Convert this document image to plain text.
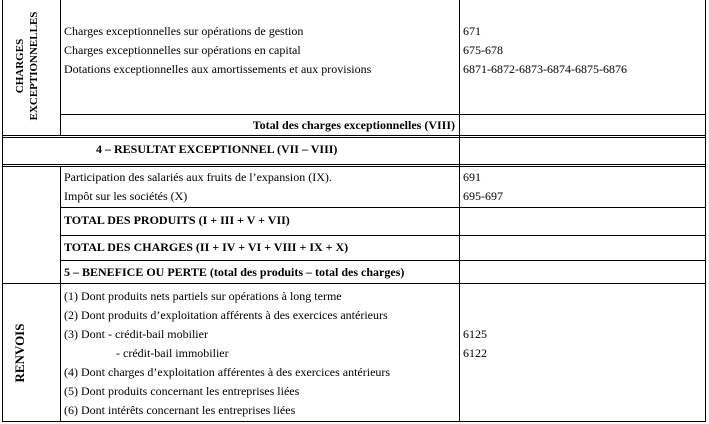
CHARGES EXCEPTIONNELLES Charges exceptionnelles sur opérations de gestion	671
Charges exceptionnelles sur opérations en capital	675-678
Dotations exceptionnelles aux amortissements et aux provisions	6871-6872-6873-6874-6875-6876
Total des charges exceptionnelles (VIII)
4 – RESULTAT EXCEPTIONNEL (VII – VIII)
Participation des salariés aux fruits de l’expansion (IX).	691
Impôt sur les sociétés (X)	695-697
TOTAL DES PRODUITS (I + III + V + VII)
TOTAL DES CHARGES (II + IV + VI + VIII + IX + X)
5 – BENEFICE OU PERTE (total des produits – total des charges)
RENVOIS
(1) Dont produits nets partiels sur opérations à long terme
(2) Dont produits d’exploitation afférents à des exercices antérieurs
(3) Dont - crédit-bail mobilier	6125
- crédit-bail immobilier	6122
(4) Dont charges d’exploitation afférentes à des exercices antérieurs
(5) Dont produits concernant les entreprises liées
(6) Dont intérêts concernant les entreprises liées
